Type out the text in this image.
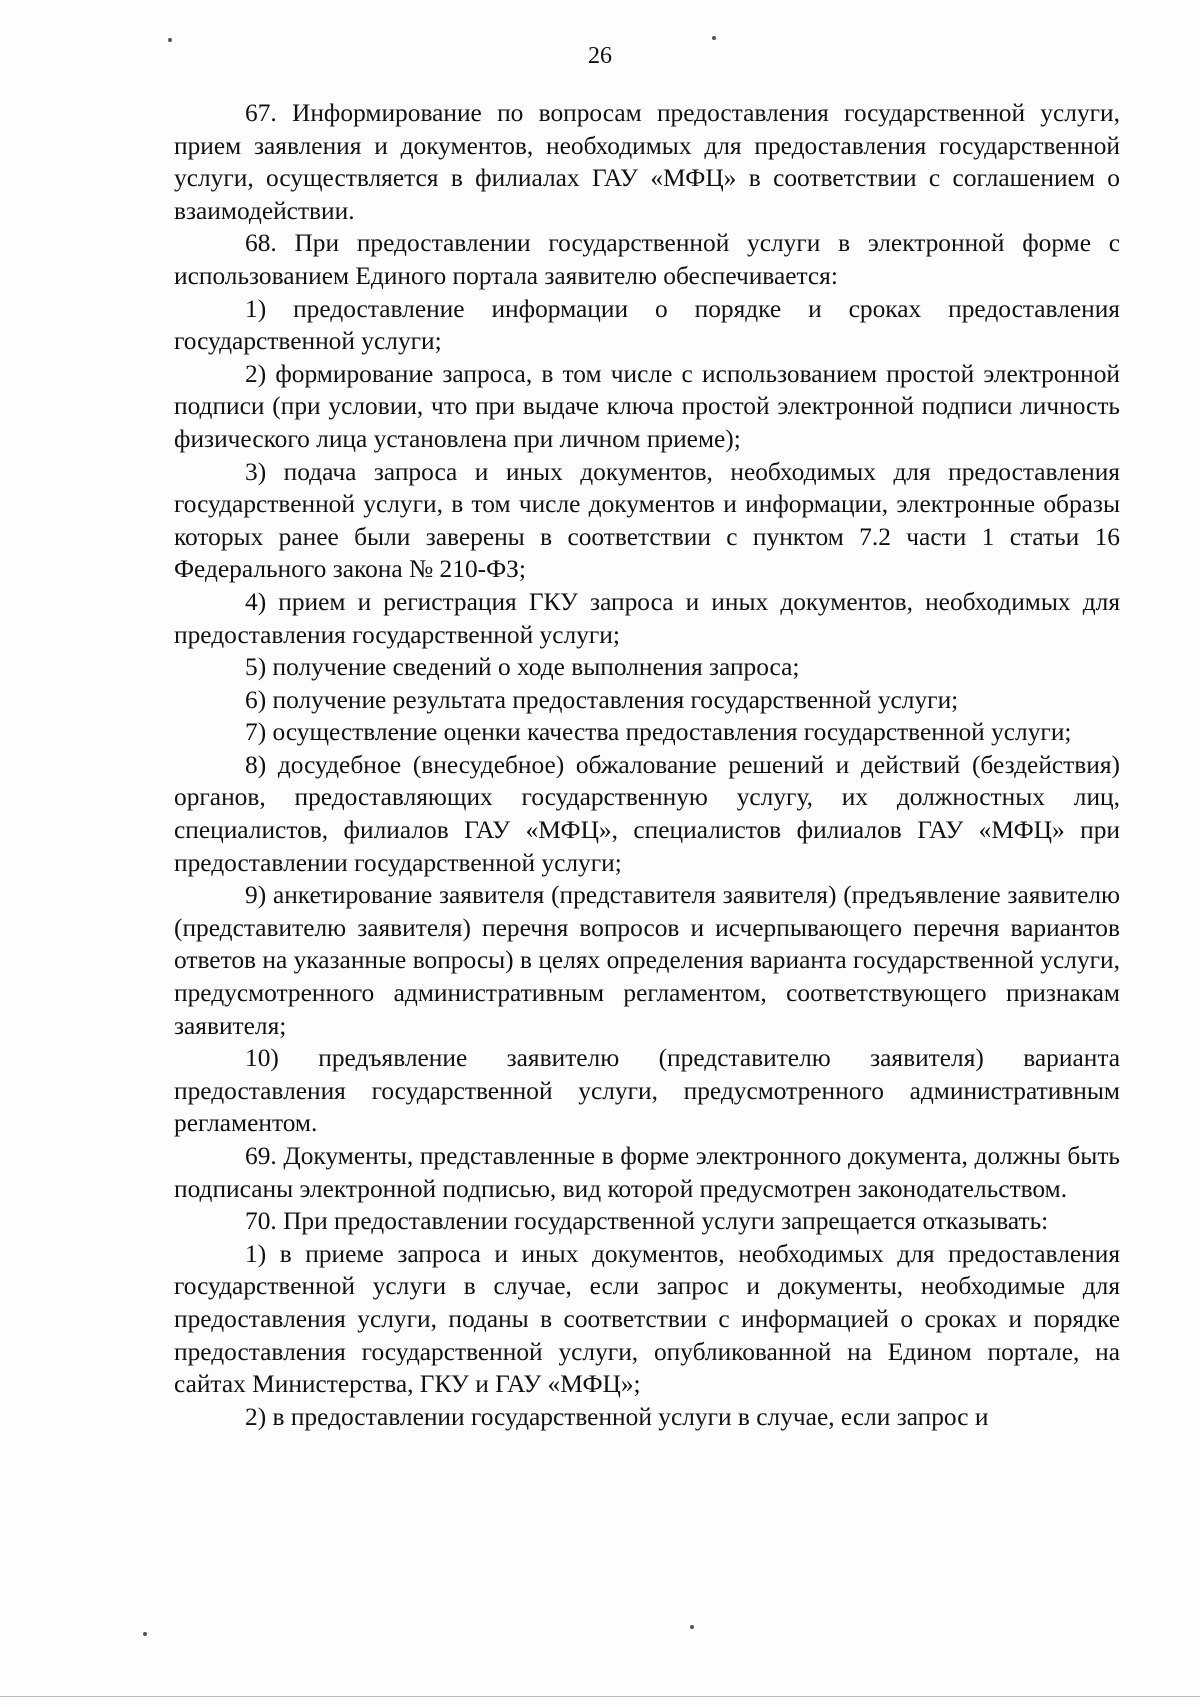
26

67. Информирование по вопросам предоставления государственной услуги, прием заявления и документов, необходимых для предоставления государственной услуги, осуществляется в филиалах ГАУ «МФЦ» в соответствии с соглашением о взаимодействии.

68. При предоставлении государственной услуги в электронной форме с использованием Единого портала заявителю обеспечивается:

1) предоставление информации о порядке и сроках предоставления государственной услуги;

2) формирование запроса, в том числе с использованием простой электронной подписи (при условии, что при выдаче ключа простой электронной подписи личность физического лица установлена при личном приеме);

3) подача запроса и иных документов, необходимых для предоставления государственной услуги, в том числе документов и информации, электронные образы которых ранее были заверены в соответствии с пунктом 7.2 части 1 статьи 16 Федерального закона № 210-ФЗ;

4) прием и регистрация ГКУ запроса и иных документов, необходимых для предоставления государственной услуги;

5) получение сведений о ходе выполнения запроса;

6) получение результата предоставления государственной услуги;

7) осуществление оценки качества предоставления государственной услуги;

8) досудебное (внесудебное) обжалование решений и действий (бездействия) органов, предоставляющих государственную услугу, их должностных лиц, специалистов, филиалов ГАУ «МФЦ», специалистов филиалов ГАУ «МФЦ» при предоставлении государственной услуги;

9) анкетирование заявителя (представителя заявителя) (предъявление заявителю (представителю заявителя) перечня вопросов и исчерпывающего перечня вариантов ответов на указанные вопросы) в целях определения варианта государственной услуги, предусмотренного административным регламентом, соответствующего признакам заявителя;

10) предъявление заявителю (представителю заявителя) варианта предоставления государственной услуги, предусмотренного административным регламентом.

69. Документы, представленные в форме электронного документа, должны быть подписаны электронной подписью, вид которой предусмотрен законодательством.

70. При предоставлении государственной услуги запрещается отказывать:

1) в приеме запроса и иных документов, необходимых для предоставления государственной услуги в случае, если запрос и документы, необходимые для предоставления услуги, поданы в соответствии с информацией о сроках и порядке предоставления государственной услуги, опубликованной на Едином портале, на сайтах Министерства, ГКУ и ГАУ «МФЦ»;

2) в предоставлении государственной услуги в случае, если запрос и
